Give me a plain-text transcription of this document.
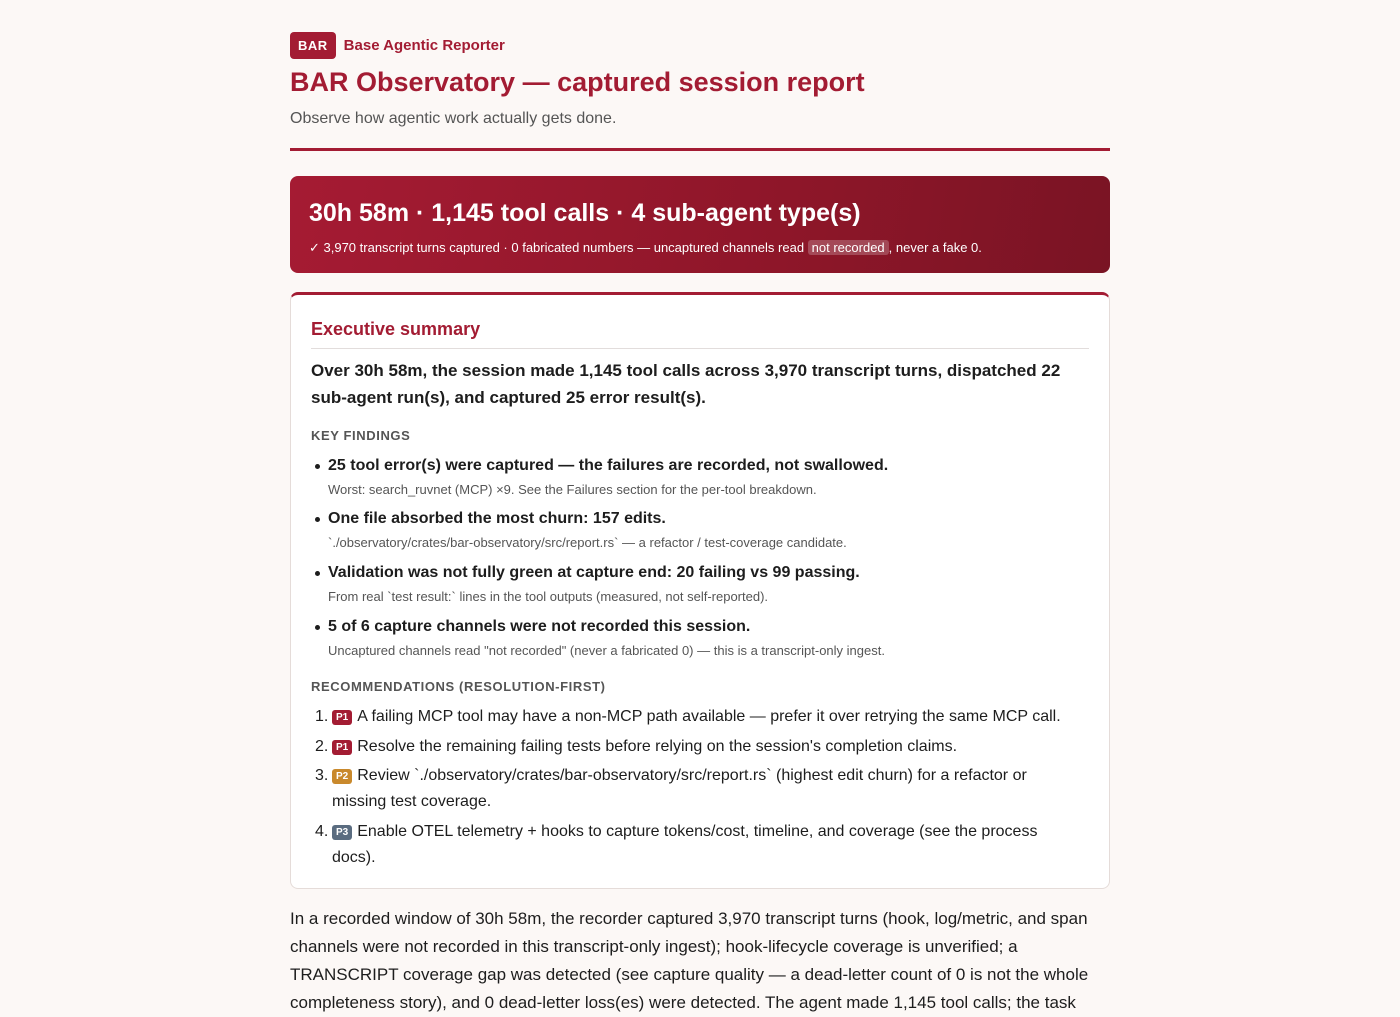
BAR	Base Agentic Reporter
BAR Observatory — captured session report
Observe how agentic work actually gets done.
30h 58m · 1,145 tool calls · 4 sub-agent type(s)
✓ 3,970 transcript turns captured · 0 fabricated numbers — uncaptured channels read not recorded , never a fake 0.
Executive summary
Over 30h 58m, the session made 1,145 tool calls across 3,970 transcript turns, dispatched 22 sub-agent run(s), and captured 25 error result(s).
KEY FINDINGS
25 tool error(s) were captured — the failures are recorded, not swallowed.
Worst: search_ruvnet (MCP) ×9. See the Failures section for the per-tool breakdown.
One file absorbed the most churn: 157 edits.
`./observatory/crates/bar-observatory/src/report.rs` — a refactor / test-coverage candidate.
Validation was not fully green at capture end: 20 failing vs 99 passing.
From real `test result:` lines in the tool outputs (measured, not self-reported).
5 of 6 capture channels were not recorded this session.
Uncaptured channels read "not recorded" (never a fabricated 0) — this is a transcript-only ingest.
RECOMMENDATIONS (RESOLUTION-FIRST)
1. P1 A failing MCP tool may have a non-MCP path available — prefer it over retrying the same MCP call.
2. P1 Resolve the remaining failing tests before relying on the session's completion claims.
3. P2 Review `./observatory/crates/bar-observatory/src/report.rs` (highest edit churn) for a refactor or missing test coverage.
4. P3 Enable OTEL telemetry + hooks to capture tokens/cost, timeline, and coverage (see the process docs).
In a recorded window of 30h 58m, the recorder captured 3,970 transcript turns (hook, log/metric, and span channels were not recorded in this transcript-only ingest); hook-lifecycle coverage is unverified; a TRANSCRIPT coverage gap was detected (see capture quality — a dead-letter count of 0 is not the whole completeness story), and 0 dead-letter loss(es) were detected. The agent made 1,145 tool calls; the task
